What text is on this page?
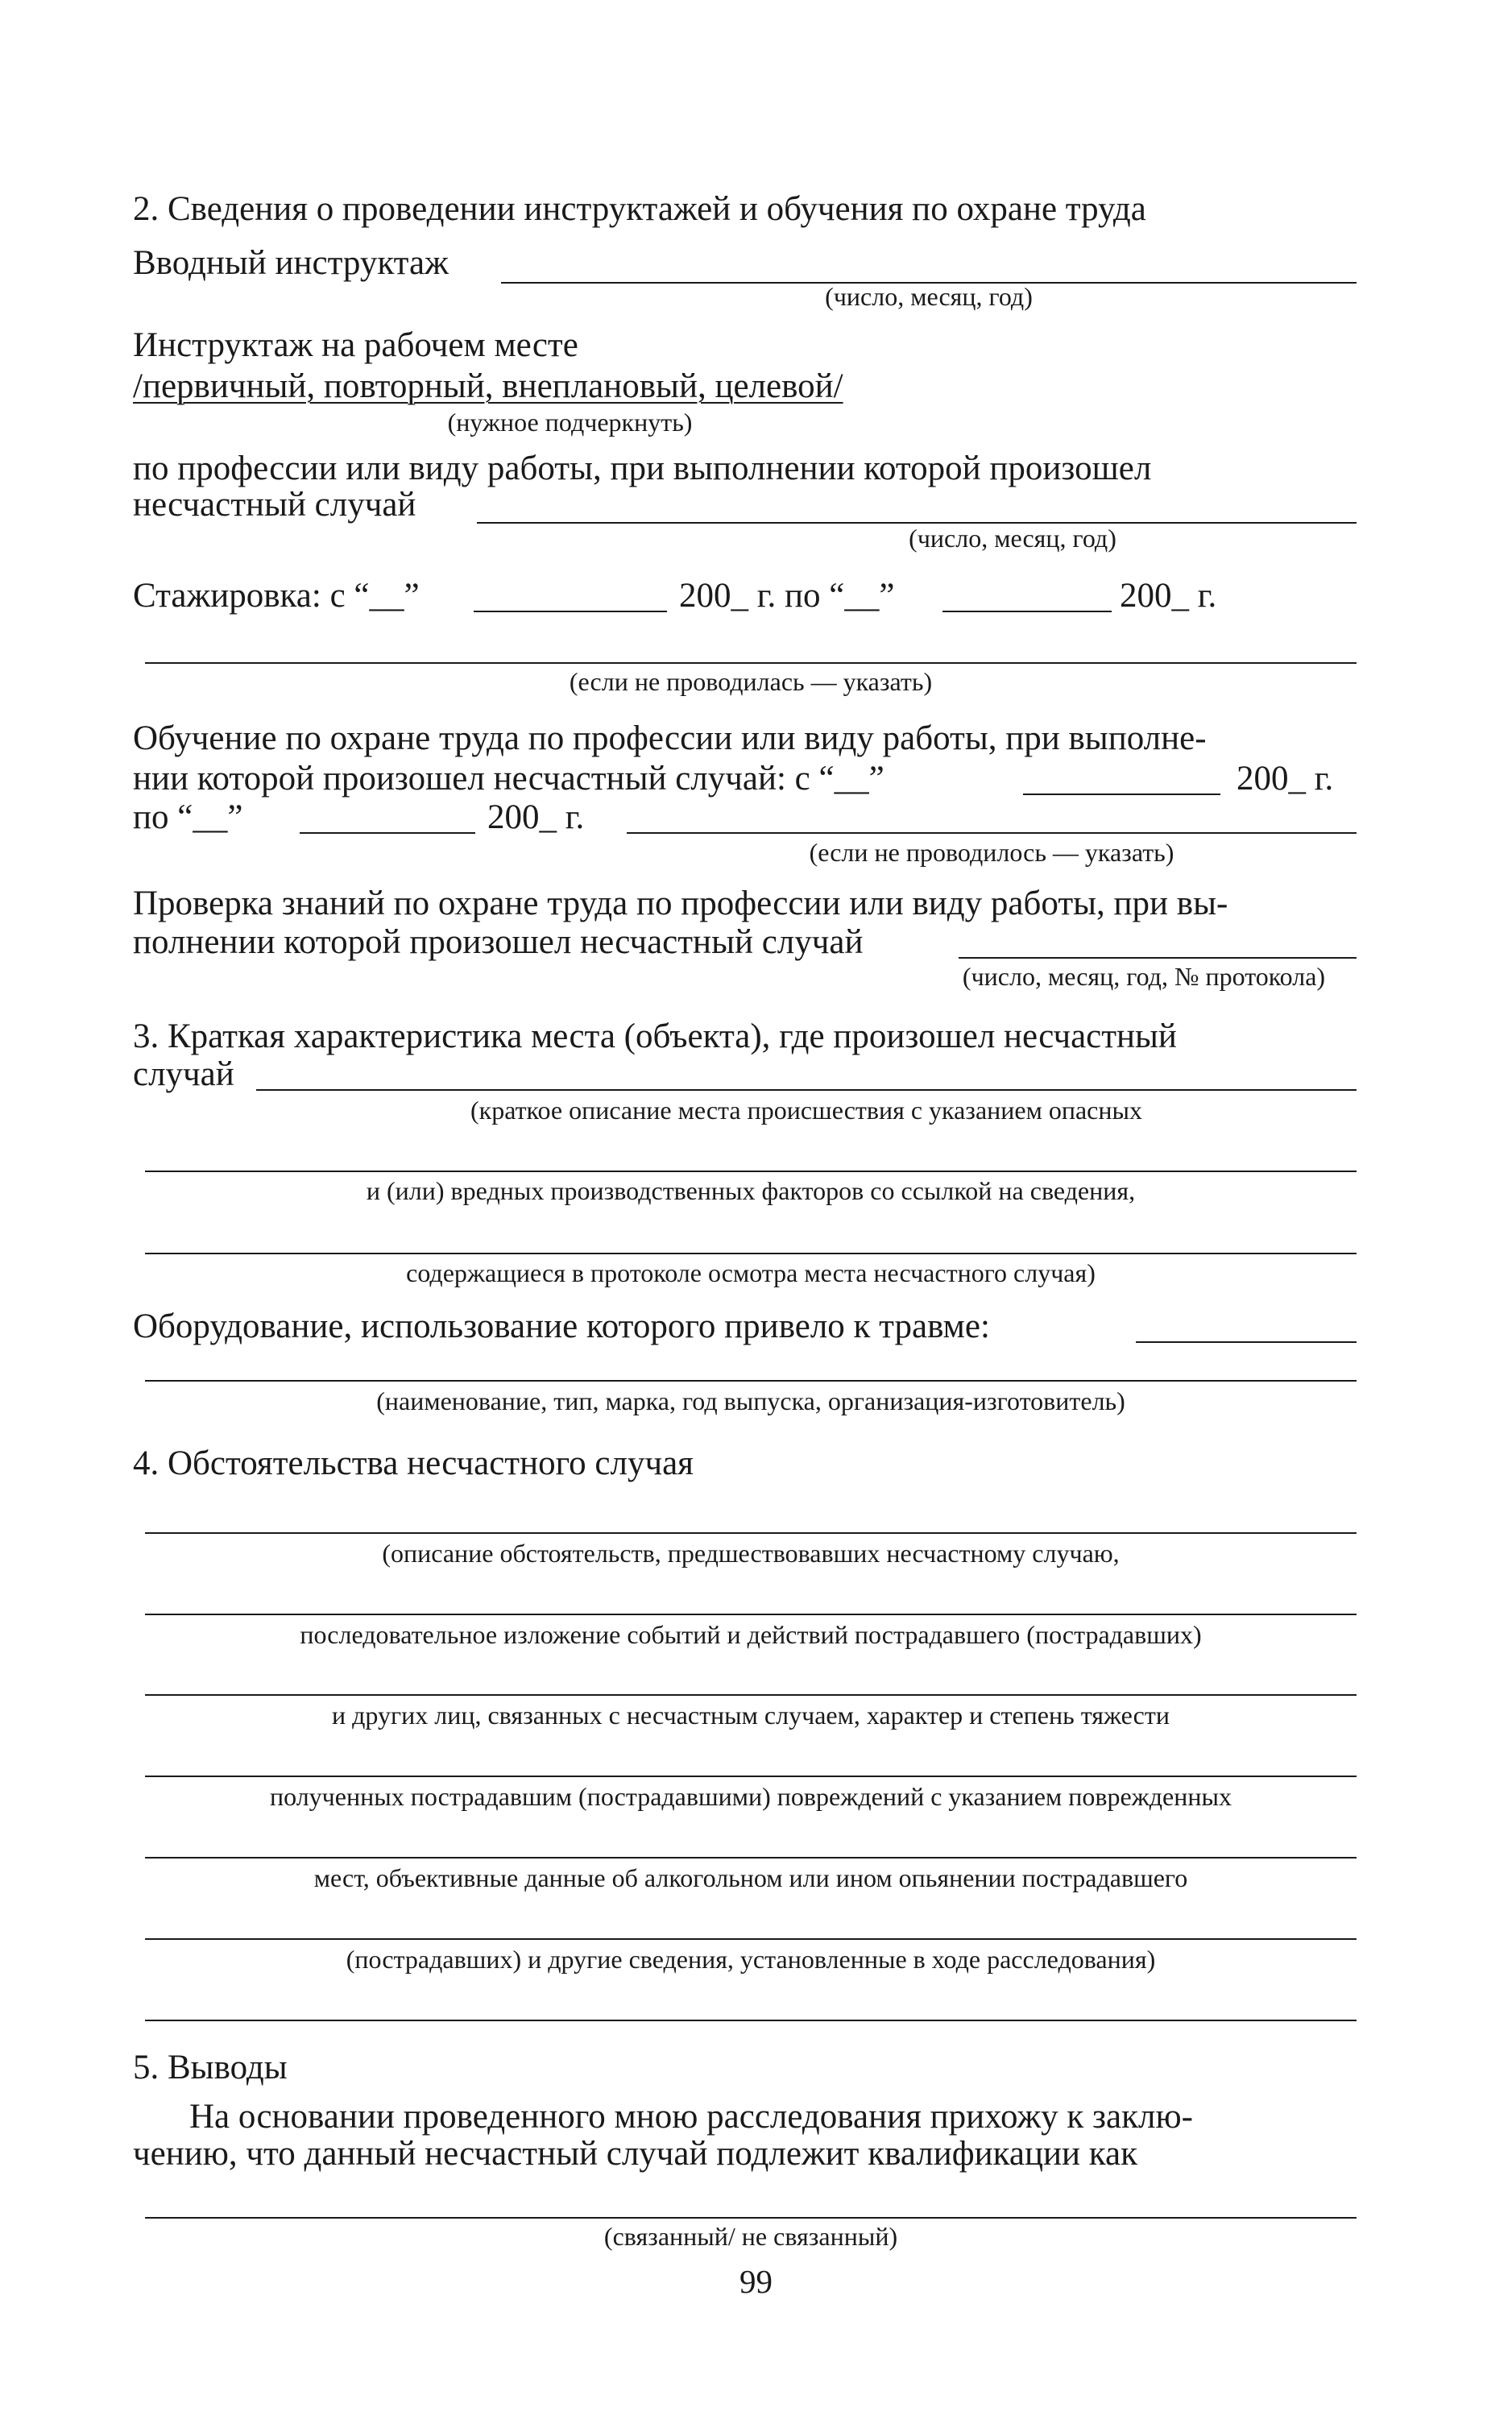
2. Сведения о проведении инструктажей и обучения по охране труда
Вводный инструктаж
(число, месяц, год)
Инструктаж на рабочем месте
/первичный, повторный, внеплановый, целевой/
(нужное подчеркнуть)
по профессии или виду работы, при выполнении которой произошел
несчастный случай
(число, месяц, год)
Стажировка: с “__”	200_ г. по “__”	200_ г.
(если не проводилась — указать)
Обучение по охране труда по профессии или виду работы, при выполне-
нии которой произошел несчастный случай: с “__”	200_ г.
по “__”	200_ г.
(если не проводилось — указать)
Проверка знаний по охране труда по профессии или виду работы, при вы-
полнении которой произошел несчастный случай
(число, месяц, год, № протокола)
3. Краткая характеристика места (объекта), где произошел несчастный
случай
(краткое описание места происшествия с указанием опасных
и (или) вредных производственных факторов со ссылкой на сведения,
содержащиеся в протоколе осмотра места несчастного случая)
Оборудование, использование которого привело к травме:
(наименование, тип, марка, год выпуска, организация-изготовитель)
4. Обстоятельства несчастного случая
(описание обстоятельств, предшествовавших несчастному случаю,
последовательное изложение событий и действий пострадавшего (пострадавших)
и других лиц, связанных с несчастным случаем, характер и степень тяжести
полученных пострадавшим (пострадавшими) повреждений с указанием поврежденных
мест, объективные данные об алкогольном или ином опьянении пострадавшего
(пострадавших) и другие сведения, установленные в ходе расследования)
5. Выводы
На основании проведенного мною расследования прихожу к заклю-
чению, что данный несчастный случай подлежит квалификации как
(связанный/ не связанный)
99
